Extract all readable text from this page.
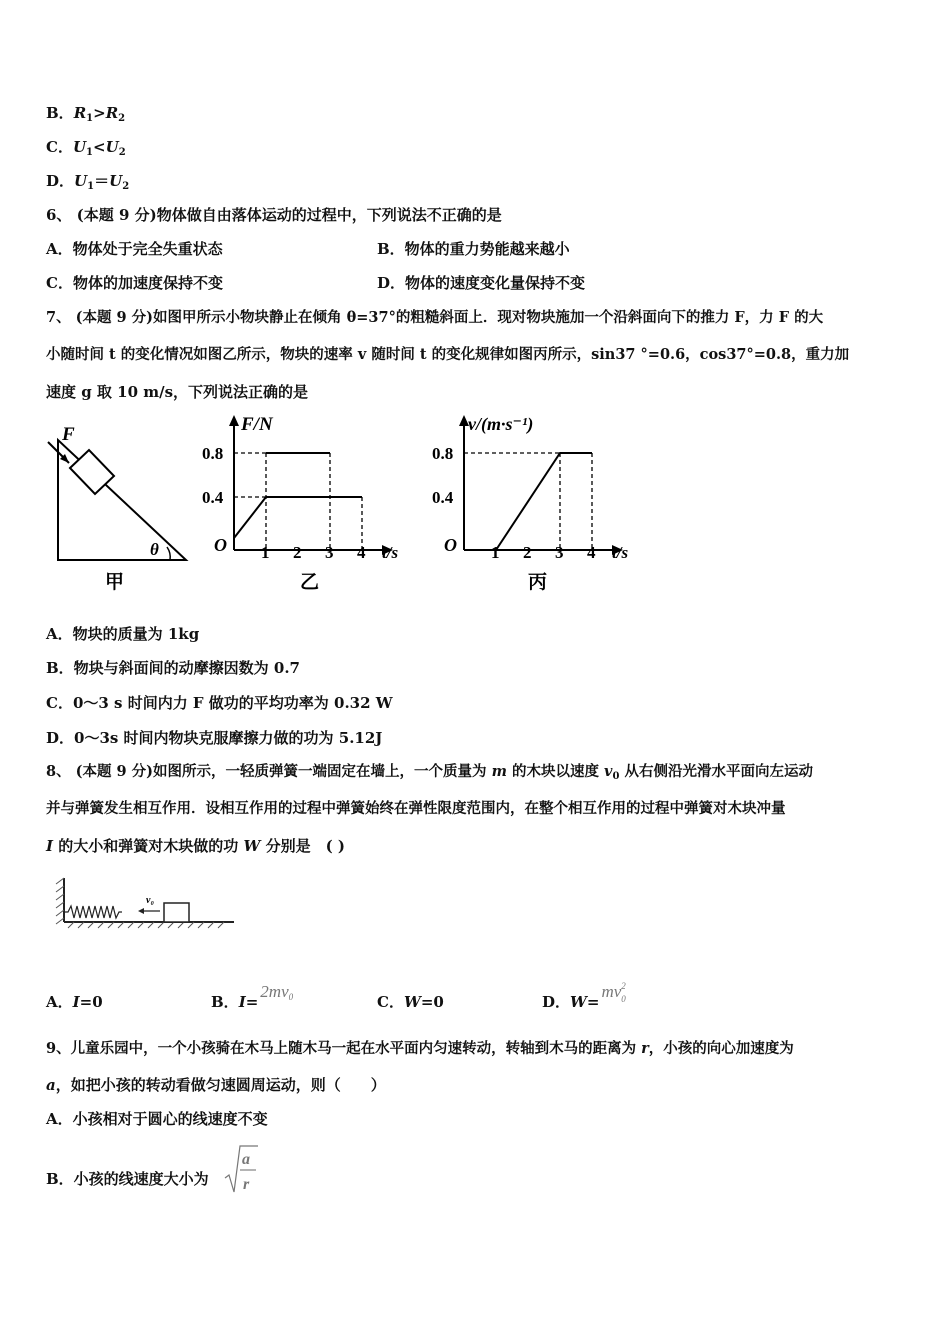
B．$R_1>R_2$
C．$U_1<U_2$
D．$U_1=U_2$
6、 (本题 9 分)物体做自由落体运动的过程中，下列说法不正确的是
A．物体处于完全失重状态	B．物体的重力势能越来越小
C．物体的加速度保持不变	D．物体的速度变化量保持不变
7、 (本题 9 分)如图甲所示小物块静止在倾角 θ=37°的粗糙斜面上．现对物块施加一个沿斜面向下的推力 F，力 F 的大
小随时间 t 的变化情况如图乙所示，物块的速率 v 随时间 t 的变化规律如图丙所示，sin37 °=0.6，cos37°=0.8，重力加
速度 g 取 10 m/s，下列说法正确的是
F
θ
甲
F/N
O
0.8
0.4
1 2 3 4 t/s
乙
v/(m·s⁻¹)
O
0.8
0.4
1 2 3 4 t/s
丙
A．物块的质量为 1kg
B．物块与斜面间的动摩擦因数为 0.7
C．0～3 s 时间内力 F 做功的平均功率为 0.32 W
D．0～3s 时间内物块克服摩擦力做的功为 5.12J
8、 (本题 9 分)如图所示，一轻质弹簧一端固定在墙上，一个质量为 m 的木块以速度 $v_0$ 从右侧沿光滑水平面向左运动
并与弹簧发生相互作用．设相互作用的过程中弹簧始终在弹性限度范围内，在整个相互作用的过程中弹簧对木块冲量
I 的大小和弹簧对木块做的功 W 分别是　( )
v₀
A．I=0	B．$I=2mv_0$	C．W=0	D．W=mv 2
0
9、儿童乐园中，一个小孩骑在木马上随木马一起在水平面内匀速转动，转轴到木马的距离为 r，小孩的向心加速度为
a，如把小孩的转动看做匀速圆周运动，则（　　）
A．小孩相对于圆心的线速度不变
B．小孩的线速度大小为
a
r
